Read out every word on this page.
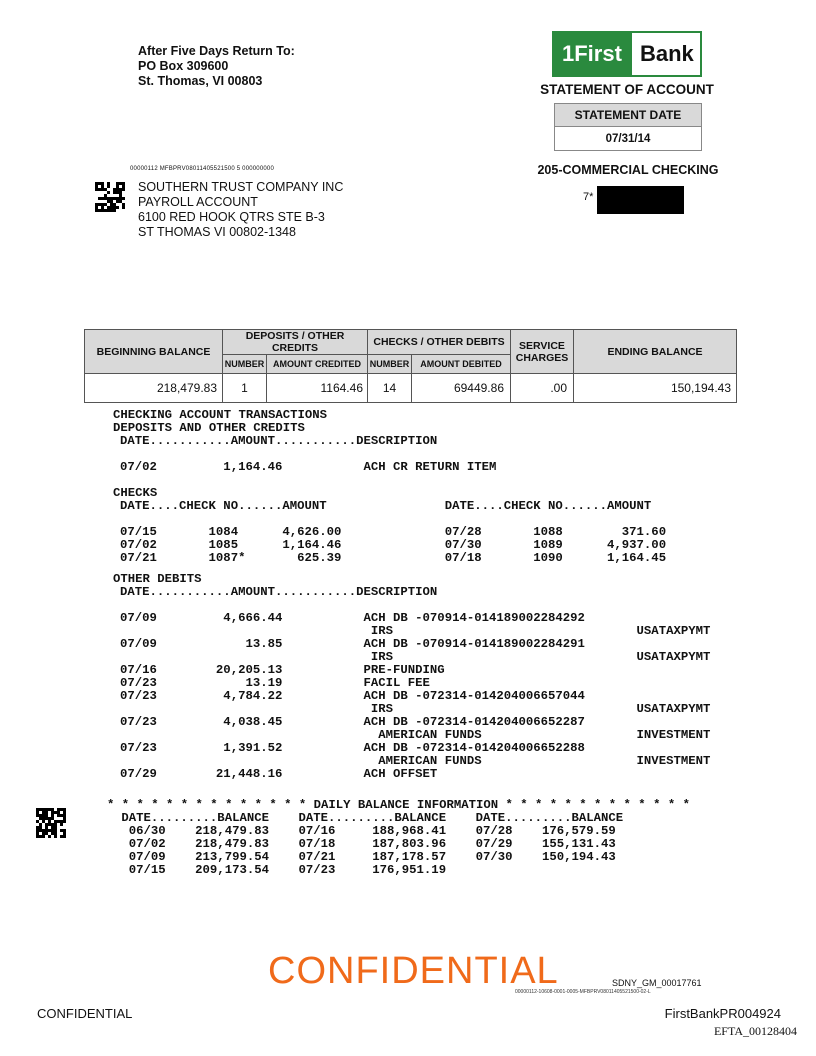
After Five Days Return To:
PO Box 309600
St. Thomas, VI 00803
1First Bank
STATEMENT OF ACCOUNT
STATEMENT DATE
07/31/14
205-COMMERCIAL CHECKING
7*
00000112 MFBPRV08011405521500 5 000000000
SOUTHERN TRUST COMPANY INC
PAYROLL ACCOUNT
6100 RED HOOK QTRS STE B-3
ST THOMAS VI 00802-1348
BEGINNING BALANCE	DEPOSITS / OTHER CREDITS		CHECKS / OTHER DEBITS		SERVICE CHARGES	ENDING BALANCE
	NUMBER	AMOUNT CREDITED	NUMBER	AMOUNT DEBITED		
218,479.83	1	1164.46	14	69449.86	.00	150,194.43
CHECKING ACCOUNT TRANSACTIONS
DEPOSITS AND OTHER CREDITS
DATE...........AMOUNT...........DESCRIPTION
07/02         1,164.46           ACH CR RETURN ITEM
CHECKS
DATE....CHECK NO......AMOUNT                DATE....CHECK NO......AMOUNT
07/15       1084      4,626.00              07/28       1088        371.60
07/02       1085      1,164.46              07/30       1089      4,937.00
07/21       1087*       625.39              07/18       1090      1,164.45
OTHER DEBITS
DATE...........AMOUNT...........DESCRIPTION
07/09         4,666.44           ACH DB -070914-014189002284292
IRS                                 USATAXPYMT
07/09            13.85           ACH DB -070914-014189002284291
IRS                                 USATAXPYMT
07/16        20,205.13           PRE-FUNDING
07/23            13.19           FACIL FEE
07/23         4,784.22           ACH DB -072314-014204006657044
IRS                                 USATAXPYMT
07/23         4,038.45           ACH DB -072314-014204006652287
AMERICAN FUNDS                     INVESTMENT
07/23         1,391.52           ACH DB -072314-014204006652288
AMERICAN FUNDS                     INVESTMENT
07/29        21,448.16           ACH OFFSET
* * * * * * * * * * * * * * DAILY BALANCE INFORMATION * * * * * * * * * * * * *
DATE.........BALANCE    DATE.........BALANCE    DATE.........BALANCE
06/30    218,479.83    07/16     188,968.41    07/28    176,579.59
07/02    218,479.83    07/18     187,803.96    07/29    155,131.43
07/09    213,799.54    07/21     187,178.57    07/30    150,194.43
07/15    209,173.54    07/23     176,951.19
CONFIDENTIAL	SDNY_GM_00017761
00000112-10608-0001-0005-MFBPRV08011405521500-02-L
CONFIDENTIAL	FirstBankPR004924
EFTA_00128404
